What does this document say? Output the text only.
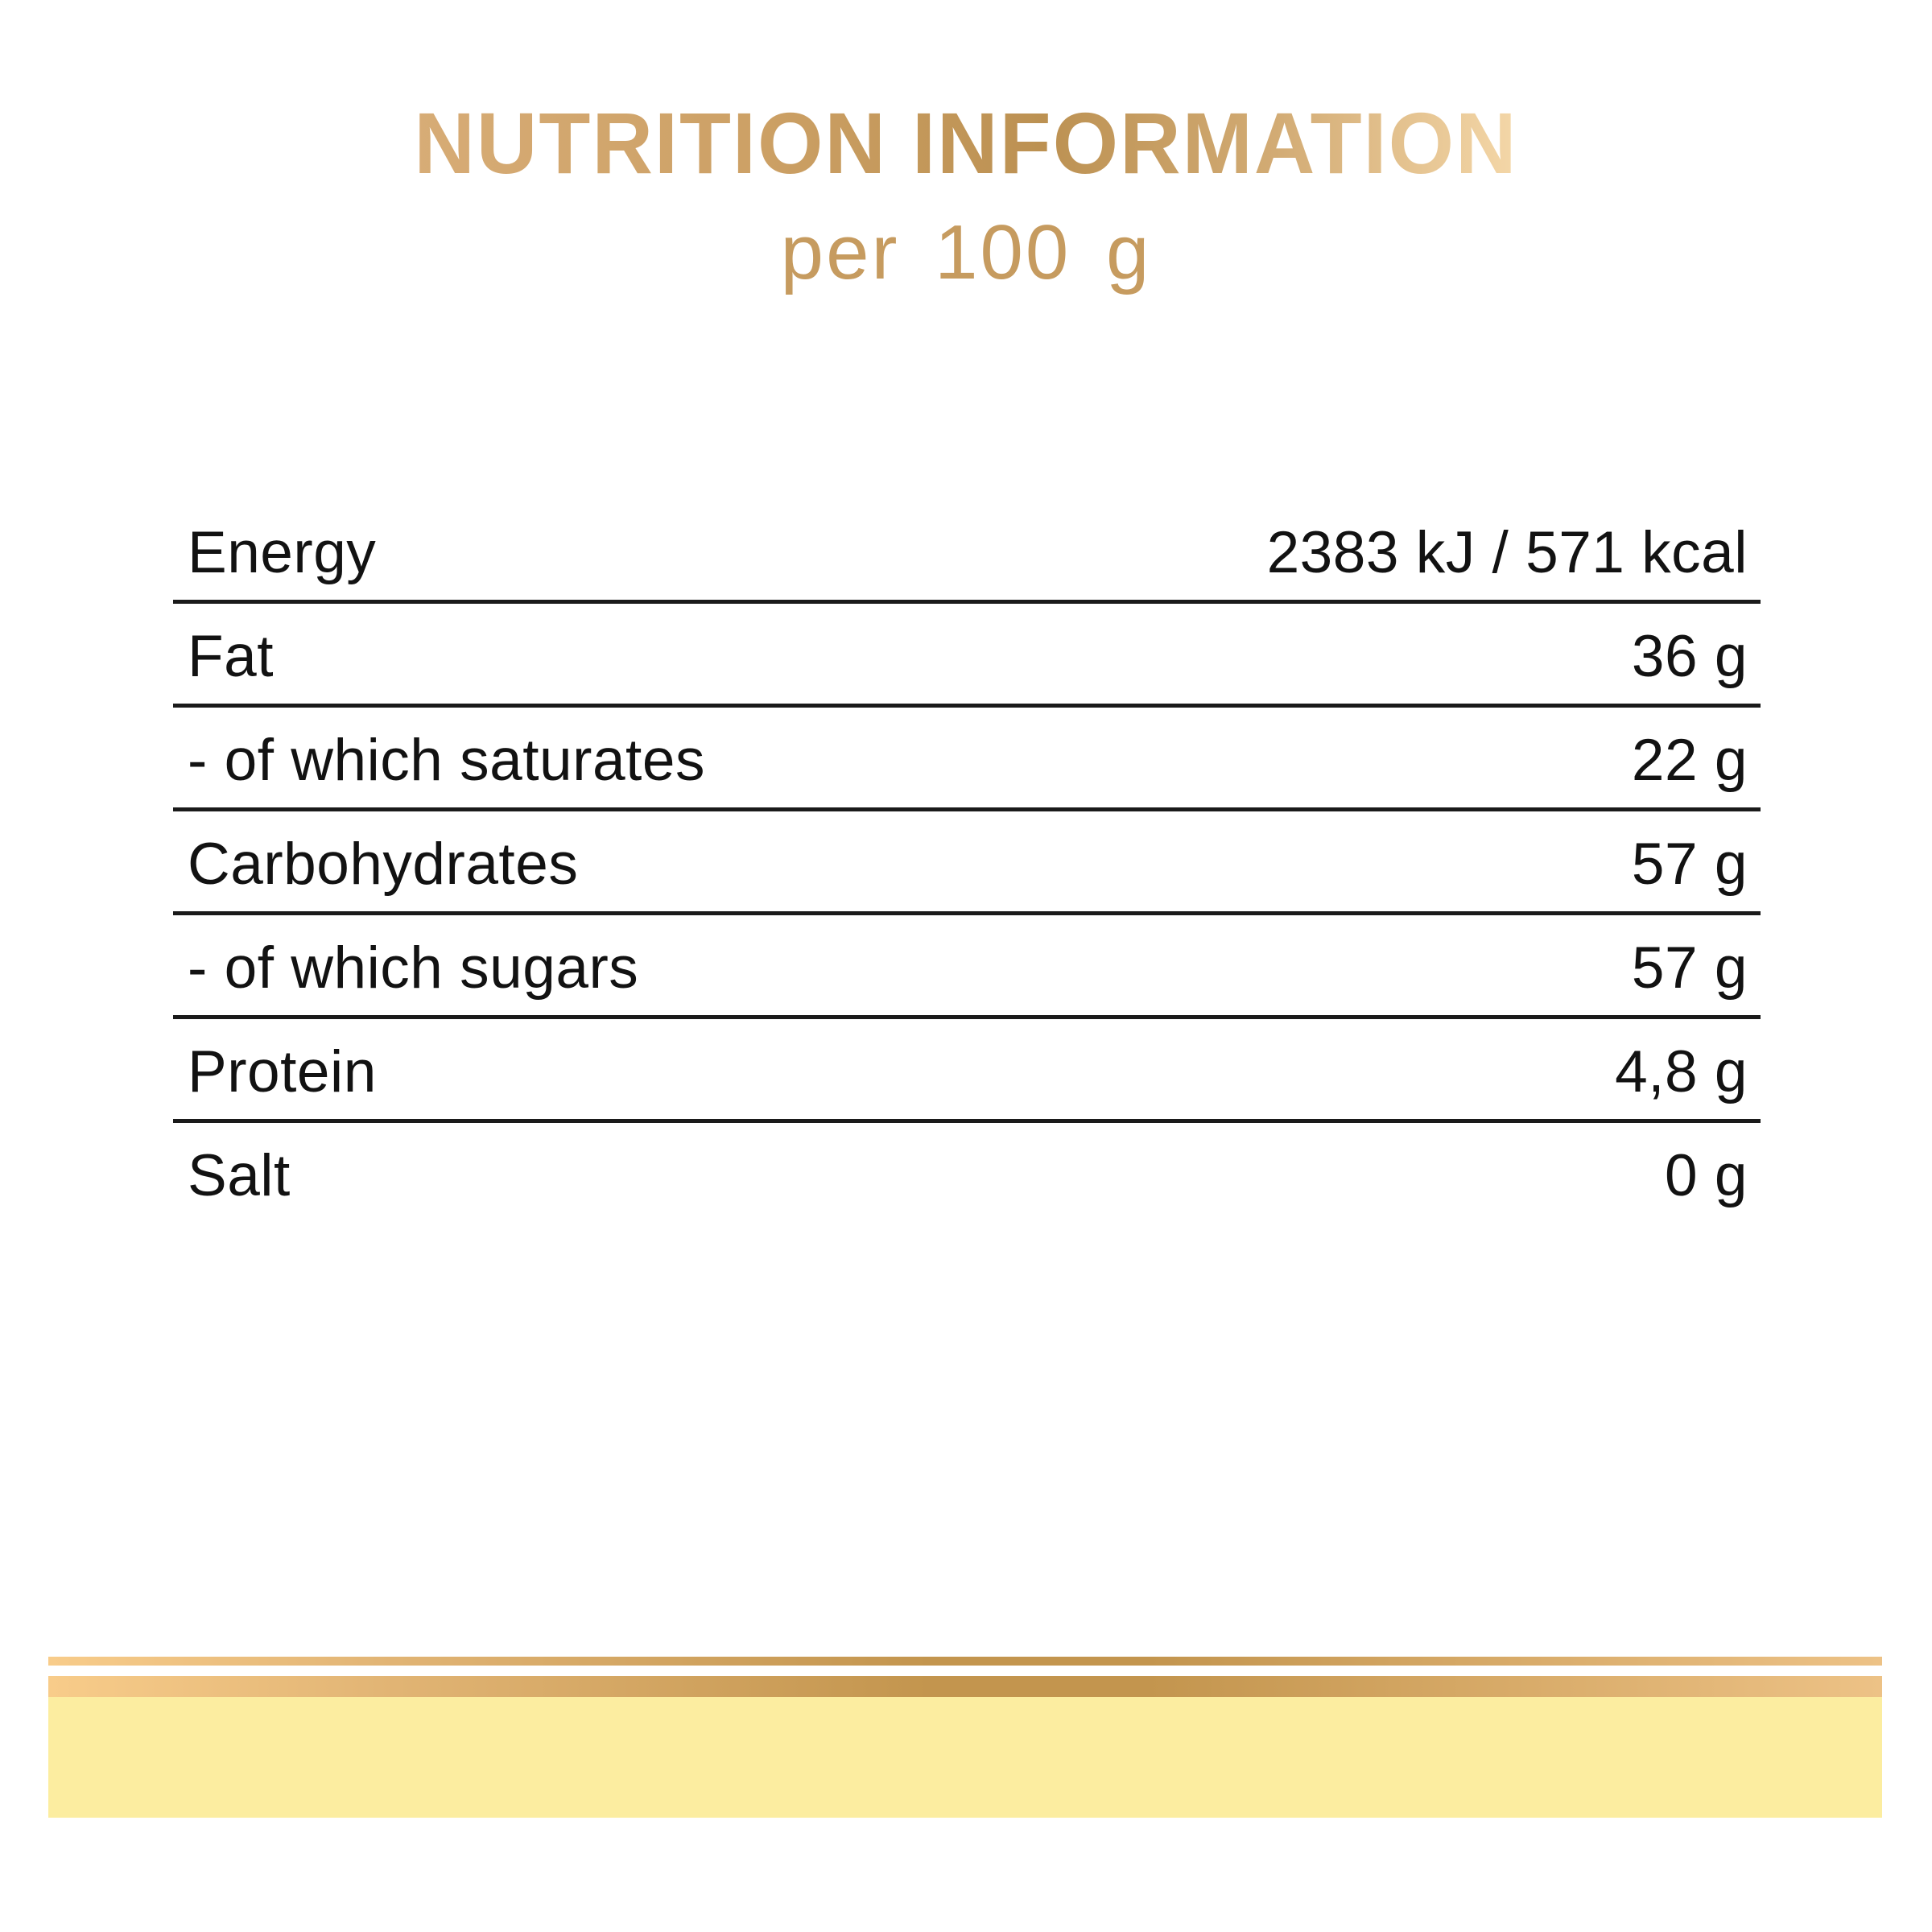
NUTRITION INFORMATION
per 100 g
Energy	2383 kJ / 571 kcal
Fat	36 g
- of which saturates	22 g
Carbohydrates	57 g
- of which sugars	57 g
Protein	4,8 g
Salt	0 g
